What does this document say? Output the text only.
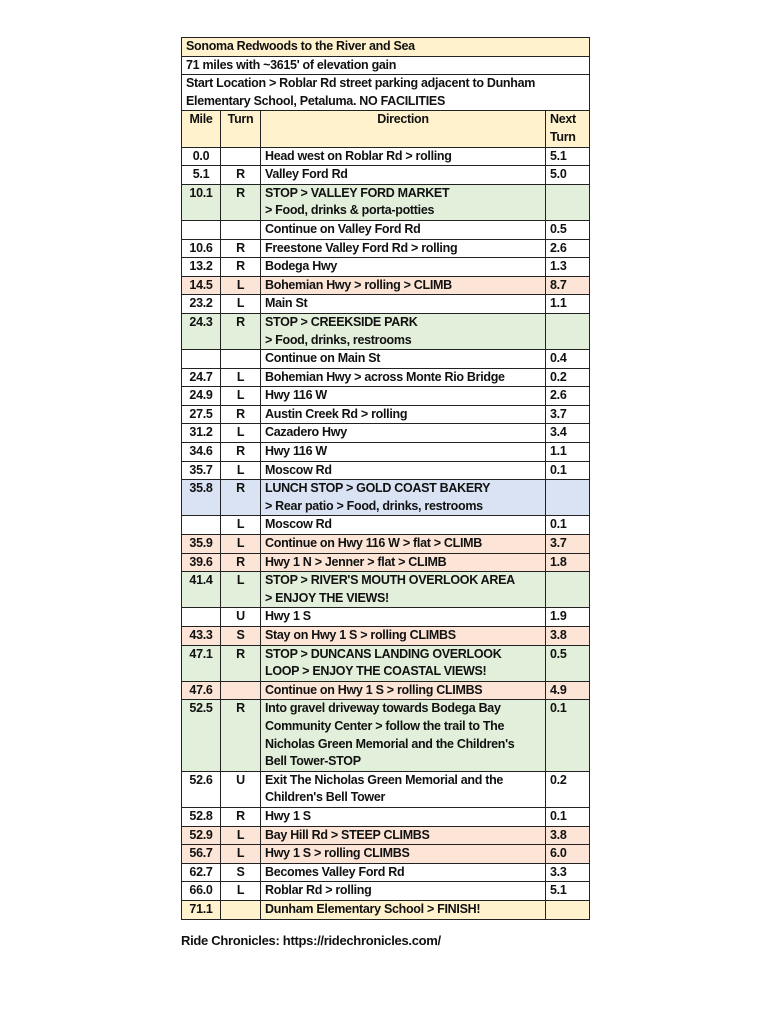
Sonoma Redwoods to the River and Sea			
71 miles with ~3615' of elevation gain			
Start Location > Roblar Rd street parking adjacent to Dunham Elementary School, Petaluma. NO FACILITIES			
Mile	Turn	Direction	Next Turn
0.0		Head west on Roblar Rd > rolling	5.1
5.1	R	Valley Ford Rd	5.0
10.1	R	STOP > VALLEY FORD MARKET
> Food, drinks & porta-potties	
		Continue on Valley Ford Rd	0.5
10.6	R	Freestone Valley Ford Rd > rolling	2.6
13.2	R	Bodega Hwy	1.3
14.5	L	Bohemian Hwy > rolling > CLIMB	8.7
23.2	L	Main St	1.1
24.3	R	STOP > CREEKSIDE PARK
> Food, drinks, restrooms	
		Continue on Main St	0.4
24.7	L	Bohemian Hwy > across Monte Rio Bridge	0.2
24.9	L	Hwy 116 W	2.6
27.5	R	Austin Creek Rd > rolling	3.7
31.2	L	Cazadero Hwy	3.4
34.6	R	Hwy 116 W	1.1
35.7	L	Moscow Rd	0.1
35.8	R	LUNCH STOP > GOLD COAST BAKERY
> Rear patio > Food, drinks, restrooms	
	L	Moscow Rd	0.1
35.9	L	Continue on Hwy 116 W > flat > CLIMB	3.7
39.6	R	Hwy 1 N > Jenner > flat > CLIMB	1.8
41.4	L	STOP > RIVER'S MOUTH OVERLOOK AREA
> ENJOY THE VIEWS!	
	U	Hwy 1 S	1.9
43.3	S	Stay on Hwy 1 S > rolling CLIMBS	3.8
47.1	R	STOP > DUNCANS LANDING OVERLOOK
LOOP > ENJOY THE COASTAL VIEWS!	0.5
47.6		Continue on Hwy 1 S > rolling CLIMBS	4.9
52.5	R	Into gravel driveway towards Bodega Bay
Community Center > follow the trail to The
Nicholas Green Memorial and the Children's
Bell Tower-STOP	0.1
52.6	U	Exit The Nicholas Green Memorial and the
Children's Bell Tower	0.2
52.8	R	Hwy 1 S	0.1
52.9	L	Bay Hill Rd > STEEP CLIMBS	3.8
56.7	L	Hwy 1 S > rolling CLIMBS	6.0
62.7	S	Becomes Valley Ford Rd	3.3
66.0	L	Roblar Rd > rolling	5.1
71.1		Dunham Elementary School > FINISH!	
Ride Chronicles: https://ridechronicles.com/
